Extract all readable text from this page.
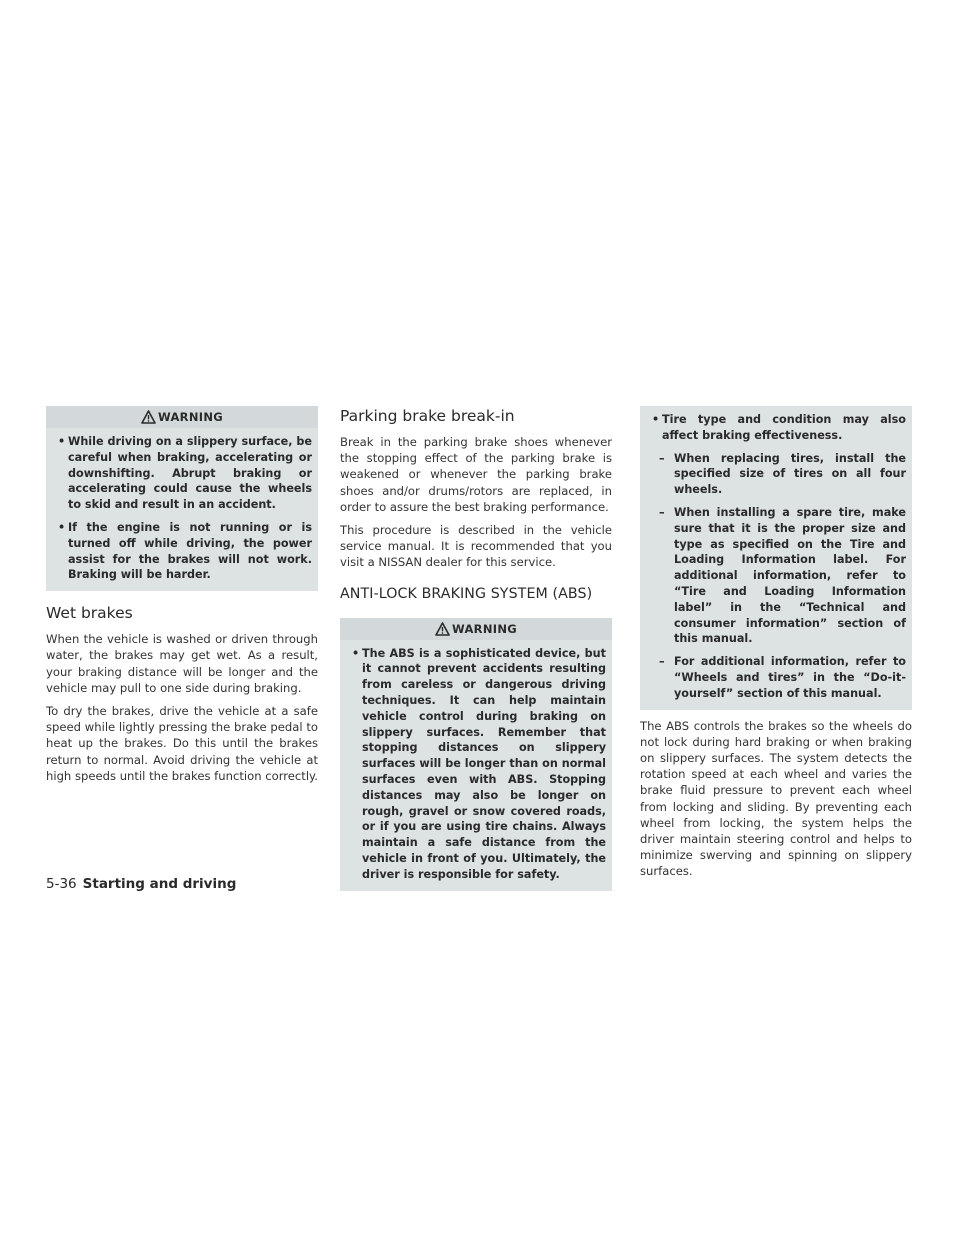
WARNING
• While driving on a slippery surface, be careful when braking, accelerating or downshifting. Abrupt braking or accelerating could cause the wheels to skid and result in an accident.
• If the engine is not running or is turned off while driving, the power assist for the brakes will not work. Braking will be harder.
Wet brakes

When the vehicle is washed or driven through water, the brakes may get wet. As a result, your braking distance will be longer and the vehicle may pull to one side during braking.

To dry the brakes, drive the vehicle at a safe speed while lightly pressing the brake pedal to heat up the brakes. Do this until the brakes return to normal. Avoid driving the vehicle at high speeds until the brakes function correctly.

Parking brake break-in

Break in the parking brake shoes whenever the stopping effect of the parking brake is weakened or whenever the parking brake shoes and/or drums/rotors are replaced, in order to assure the best braking performance.

This procedure is described in the vehicle service manual. It is recommended that you visit a NISSAN dealer for this service.

ANTI-LOCK BRAKING SYSTEM (ABS)
WARNING
• The ABS is a sophisticated device, but it cannot prevent accidents resulting from careless or dangerous driving techniques. It can help maintain vehicle control during braking on slippery surfaces. Remember that stopping distances on slippery surfaces will be longer than on normal surfaces even with ABS. Stopping distances may also be longer on rough, gravel or snow covered roads, or if you are using tire chains. Always maintain a safe distance from the vehicle in front of you. Ultimately, the driver is responsible for safety.
• Tire type and condition may also affect braking effectiveness.
– When replacing tires, install the specified size of tires on all four wheels.
– When installing a spare tire, make sure that it is the proper size and type as specified on the Tire and Loading Information label. For additional information, refer to “Tire and Loading Information label” in the “Technical and consumer information” section of this manual.
– For additional information, refer to “Wheels and tires” in the “Do-it-yourself” section of this manual.

The ABS controls the brakes so the wheels do not lock during hard braking or when braking on slippery surfaces. The system detects the rotation speed at each wheel and varies the brake fluid pressure to prevent each wheel from locking and sliding. By preventing each wheel from locking, the system helps the driver maintain steering control and helps to minimize swerving and spinning on slippery surfaces.

5-36 Starting and driving
